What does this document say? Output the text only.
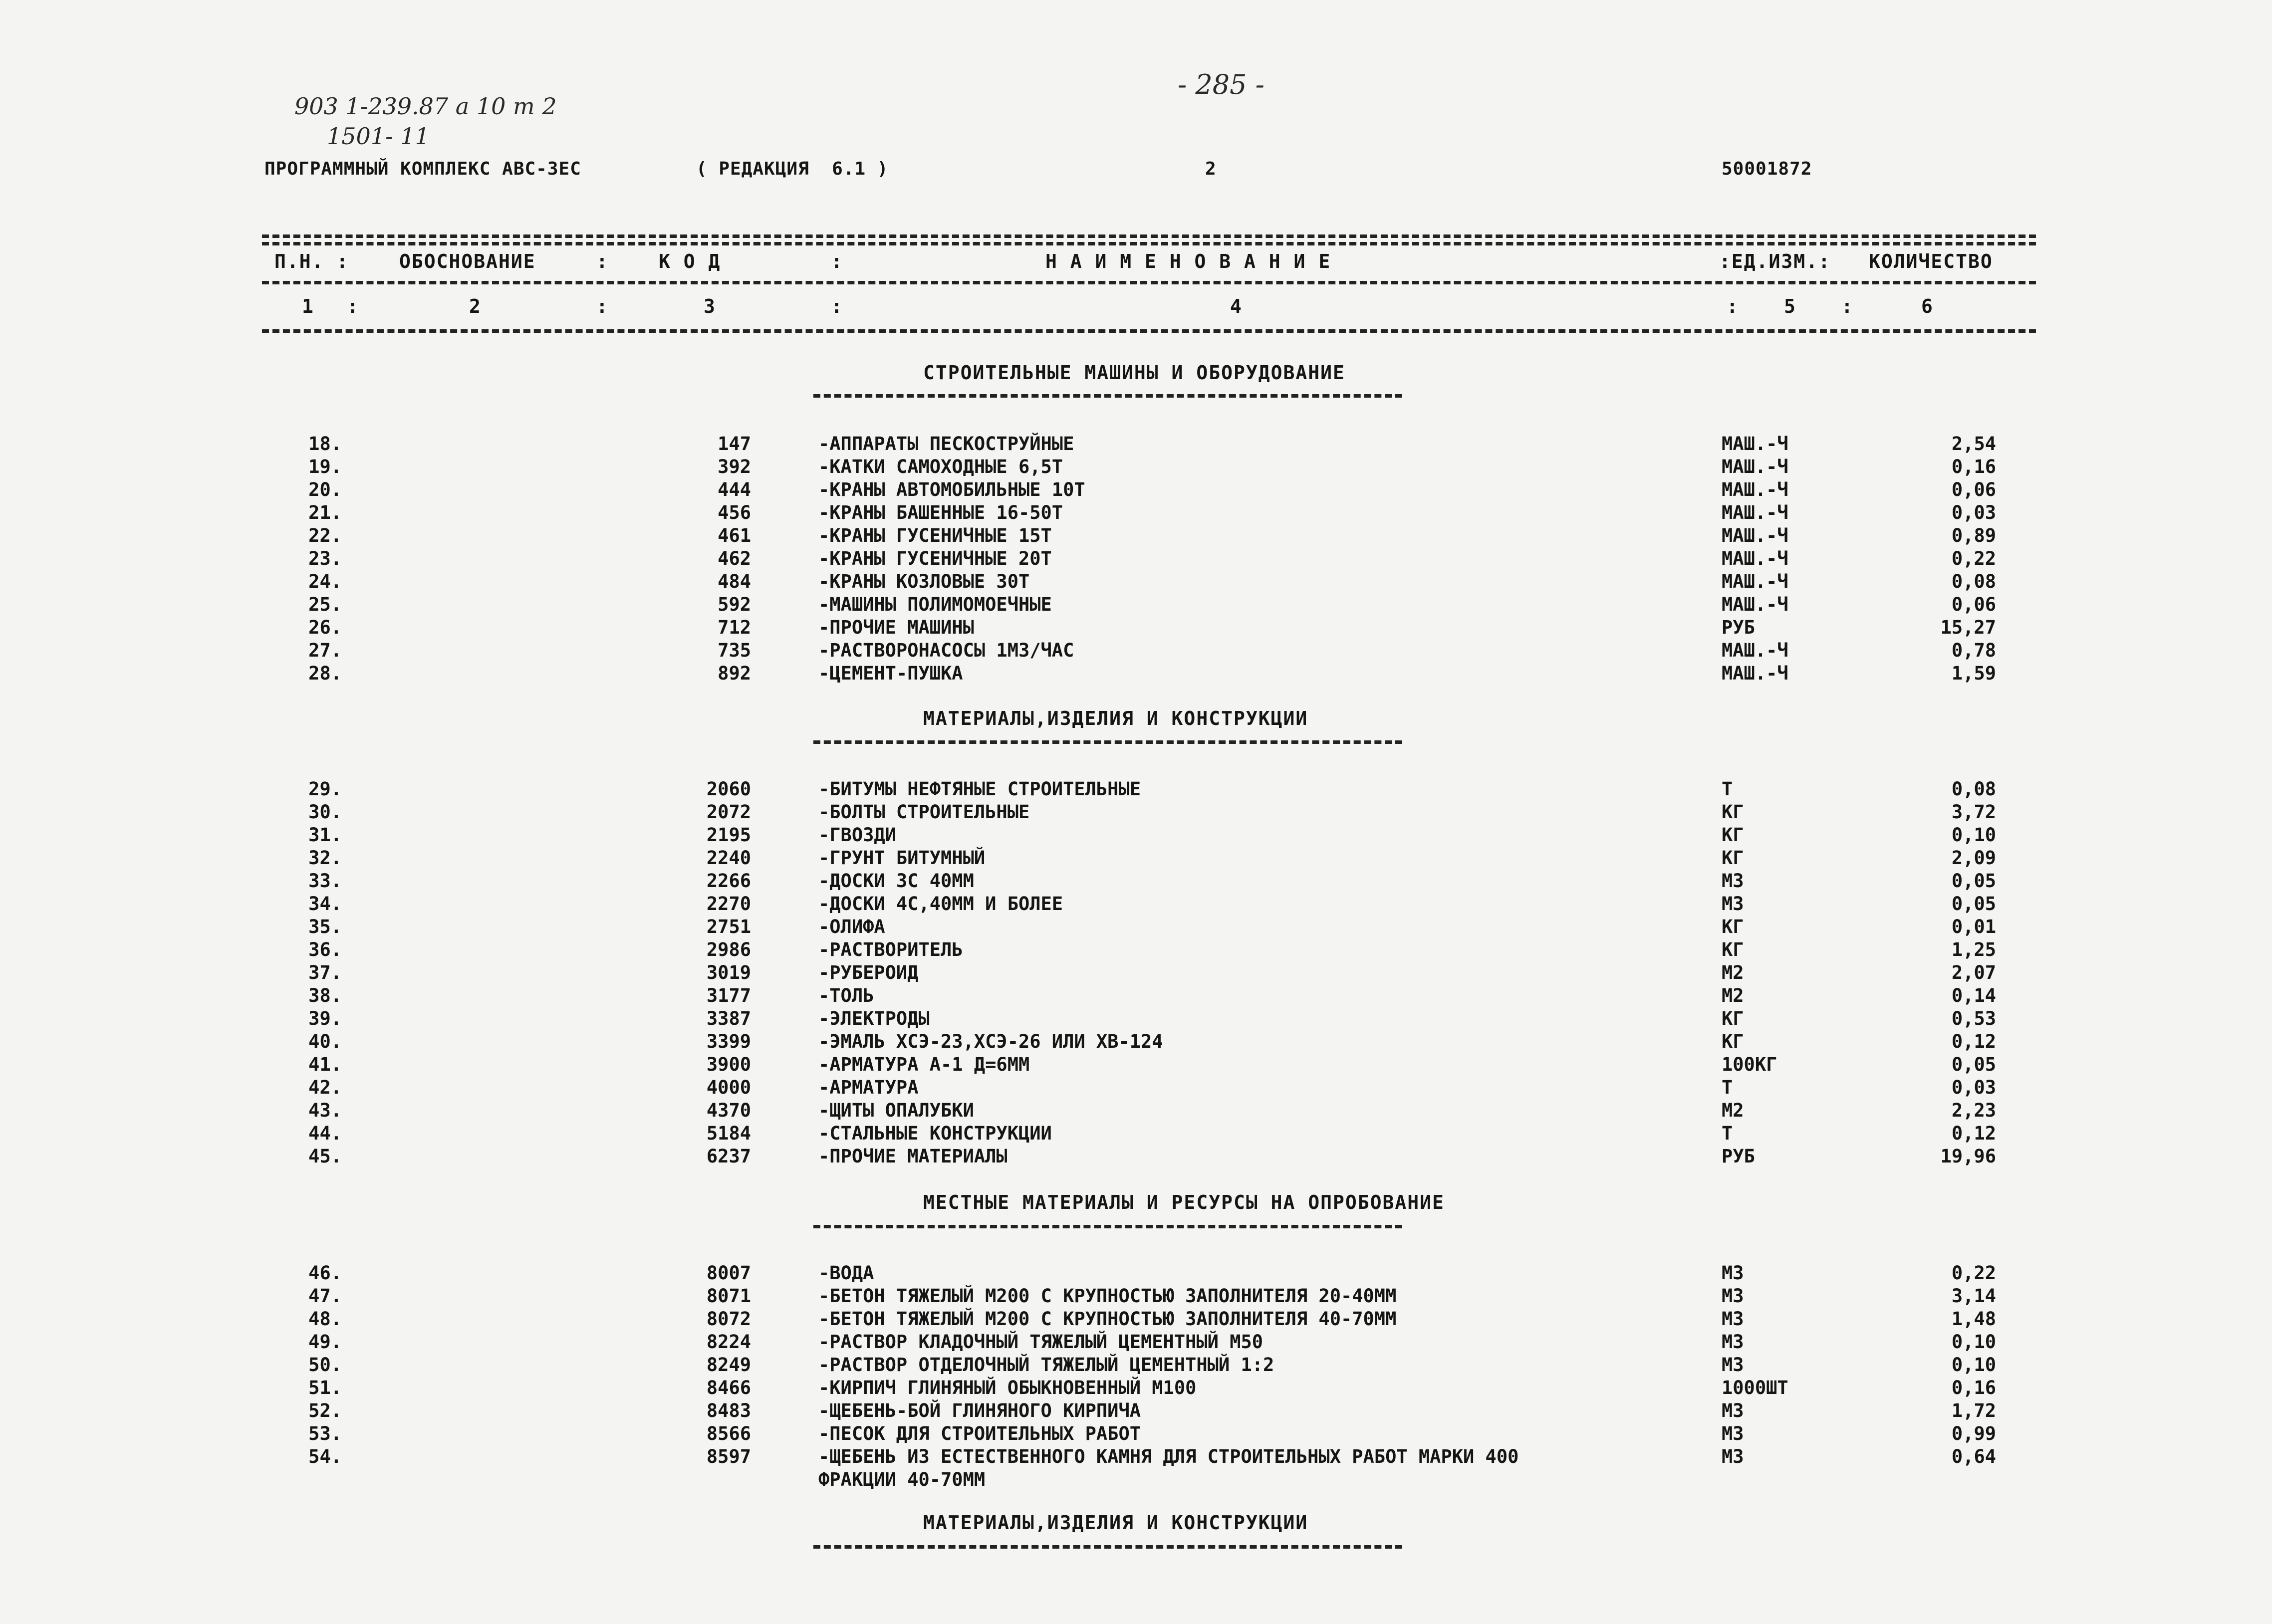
903 1-239.87 a 10 т 2
1501- 11
- 285 -
ПРОГРАММНЫЙ КОМПЛЕКС АВС-3ЕС	( РЕДАКЦИЯ  6.1 )	2	50001872
П.Н. :	ОБОСНОВАНИЕ	:	К О Д	:	Н А И М Е Н О В А Н И Е	:ЕД.ИЗМ.: КОЛИЧЕСТВО
1 :	2	:	3	:	4	: 5 :	6
СТРОИТЕЛЬНЫЕ МАШИНЫ И ОБОРУДОВАНИЕ
18.	147	-АППАРАТЫ ПЕСКОСТРУЙНЫЕ	МАШ.-Ч	2,54
19.	392	-КАТКИ САМОХОДНЫЕ 6,5Т	МАШ.-Ч	0,16
20.	444	-КРАНЫ АВТОМОБИЛЬНЫЕ 10Т	МАШ.-Ч	0,06
21.	456	-КРАНЫ БАШЕННЫЕ 16-50Т	МАШ.-Ч	0,03
22.	461	-КРАНЫ ГУСЕНИЧНЫЕ 15Т	МАШ.-Ч	0,89
23.	462	-КРАНЫ ГУСЕНИЧНЫЕ 20Т	МАШ.-Ч	0,22
24.	484	-КРАНЫ КОЗЛОВЫЕ 30Т	МАШ.-Ч	0,08
25.	592	-МАШИНЫ ПОЛИМОМОЕЧНЫЕ	МАШ.-Ч	0,06
26.	712	-ПРОЧИЕ МАШИНЫ	РУБ	15,27
27.	735	-РАСТВОРОНАСОСЫ 1М3/ЧАС	МАШ.-Ч	0,78
28.	892	-ЦЕМЕНТ-ПУШКА	МАШ.-Ч	1,59
МАТЕРИАЛЫ,ИЗДЕЛИЯ И КОНСТРУКЦИИ
29.	2060	-БИТУМЫ НЕФТЯНЫЕ СТРОИТЕЛЬНЫЕ	Т	0,08
30.	2072	-БОЛТЫ СТРОИТЕЛЬНЫЕ	КГ	3,72
31.	2195	-ГВОЗДИ	КГ	0,10
32.	2240	-ГРУНТ БИТУМНЫЙ	КГ	2,09
33.	2266	-ДОСКИ 3С 40ММ	М3	0,05
34.	2270	-ДОСКИ 4С,40ММ И БОЛЕЕ	М3	0,05
35.	2751	-ОЛИФА	КГ	0,01
36.	2986	-РАСТВОРИТЕЛЬ	КГ	1,25
37.	3019	-РУБЕРОИД	М2	2,07
38.	3177	-ТОЛЬ	М2	0,14
39.	3387	-ЭЛЕКТРОДЫ	КГ	0,53
40.	3399	-ЭМАЛЬ ХСЭ-23,ХСЭ-26 ИЛИ ХВ-124	КГ	0,12
41.	3900	-АРМАТУРА А-1 Д=6ММ	100КГ	0,05
42.	4000	-АРМАТУРА	Т	0,03
43.	4370	-ЩИТЫ ОПАЛУБКИ	М2	2,23
44.	5184	-СТАЛЬНЫЕ КОНСТРУКЦИИ	Т	0,12
45.	6237	-ПРОЧИЕ МАТЕРИАЛЫ	РУБ	19,96
МЕСТНЫЕ МАТЕРИАЛЫ И РЕСУРСЫ НА ОПРОБОВАНИЕ
46.	8007	-ВОДА	М3	0,22
47.	8071	-БЕТОН ТЯЖЕЛЫЙ М200 С КРУПНОСТЬЮ ЗАПОЛНИТЕЛЯ 20-40ММ	М3	3,14
48.	8072	-БЕТОН ТЯЖЕЛЫЙ М200 С КРУПНОСТЬЮ ЗАПОЛНИТЕЛЯ 40-70ММ	М3	1,48
49.	8224	-РАСТВОР КЛАДОЧНЫЙ ТЯЖЕЛЫЙ ЦЕМЕНТНЫЙ М50	М3	0,10
50.	8249	-РАСТВОР ОТДЕЛОЧНЫЙ ТЯЖЕЛЫЙ ЦЕМЕНТНЫЙ 1:2	М3	0,10
51.	8466	-КИРПИЧ ГЛИНЯНЫЙ ОБЫКНОВЕННЫЙ М100	1000ШТ	0,16
52.	8483	-ЩЕБЕНЬ-БОЙ ГЛИНЯНОГО КИРПИЧА	М3	1,72
53.	8566	-ПЕСОК ДЛЯ СТРОИТЕЛЬНЫХ РАБОТ	М3	0,99
54.	8597	-ЩЕБЕНЬ ИЗ ЕСТЕСТВЕННОГО КАМНЯ ДЛЯ СТРОИТЕЛЬНЫХ РАБОТ МАРКИ 400	М3	0,64
ФРАКЦИИ 40-70ММ
МАТЕРИАЛЫ,ИЗДЕЛИЯ И КОНСТРУКЦИИ
